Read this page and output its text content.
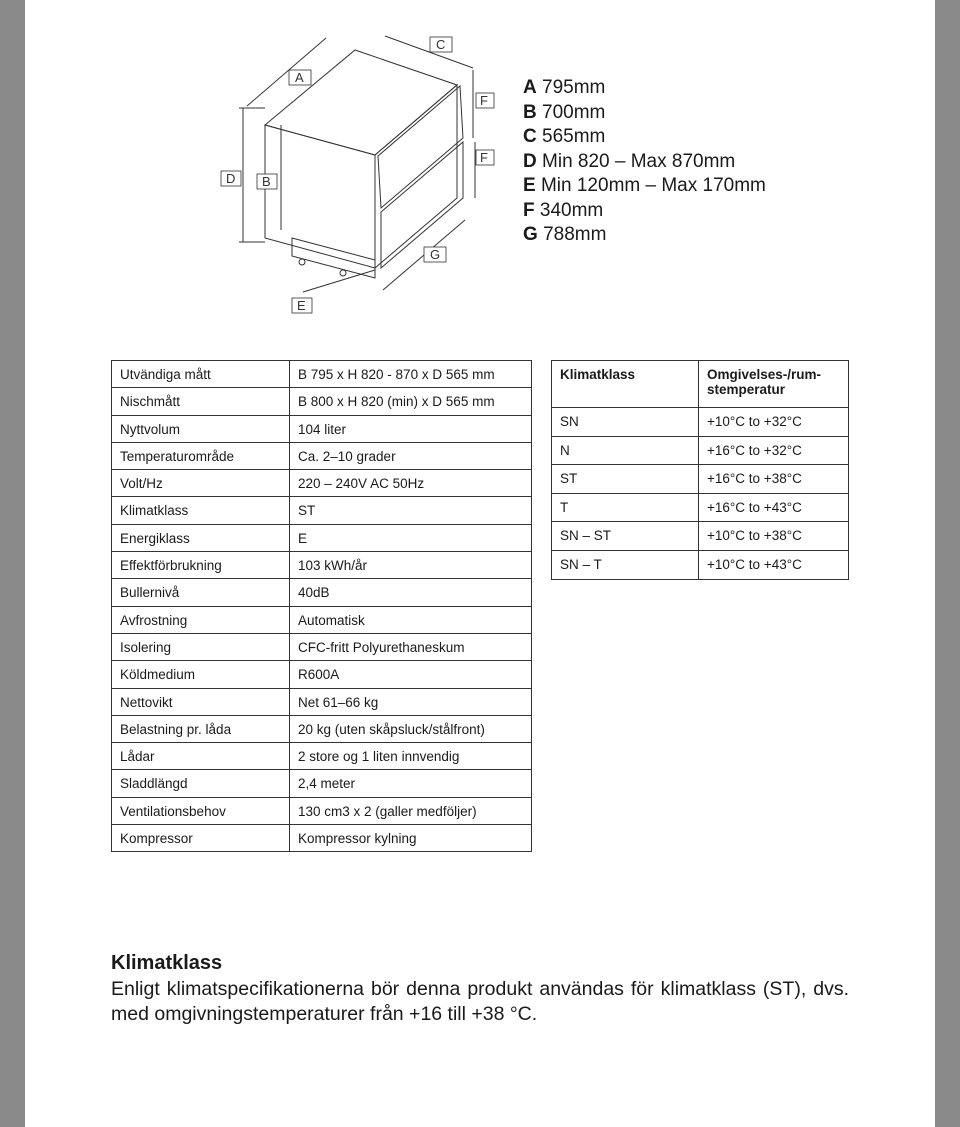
A
D B
C
F
F
G
E
A 795mm
B 700mm
C 565mm
D Min 820 – Max 870mm
E Min 120mm – Max 170mm
F 340mm
G 788mm
Utvändiga mått	B 795 x H 820 - 870 x D 565 mm
Nischmått	B 800 x H 820 (min) x D 565 mm
Nyttvolum	104 liter
Temperaturområde	Ca. 2–10 grader
Volt/Hz	220 – 240V AC 50Hz
Klimatklass	ST
Energiklass	E
Effektförbrukning	103 kWh/år
Bullernivå	40dB
Avfrostning	Automatisk
Isolering	CFC-fritt Polyurethaneskum
Köldmedium	R600A
Nettovikt	Net 61–66 kg
Belastning pr. låda	20 kg (uten skåpsluck/stålfront)
Lådar	2 store og 1 liten innvendig
Sladdlängd	2,4 meter
Ventilationsbehov	130 cm3 x 2 (galler medföljer)
Kompressor	Kompressor kylning
Klimatklass	Omgivelses-/rum-
stemperatur
SN	+10°C to +32°C
N	+16°C to +32°C
ST	+16°C to +38°C
T	+16°C to +43°C
SN – ST	+10°C to +38°C
SN – T	+10°C to +43°C
Klimatklass
Enligt klimatspecifikationerna bör denna produkt användas för klimatklass (ST), dvs. med omgivningstemperaturer från +16 till +38 °C.
